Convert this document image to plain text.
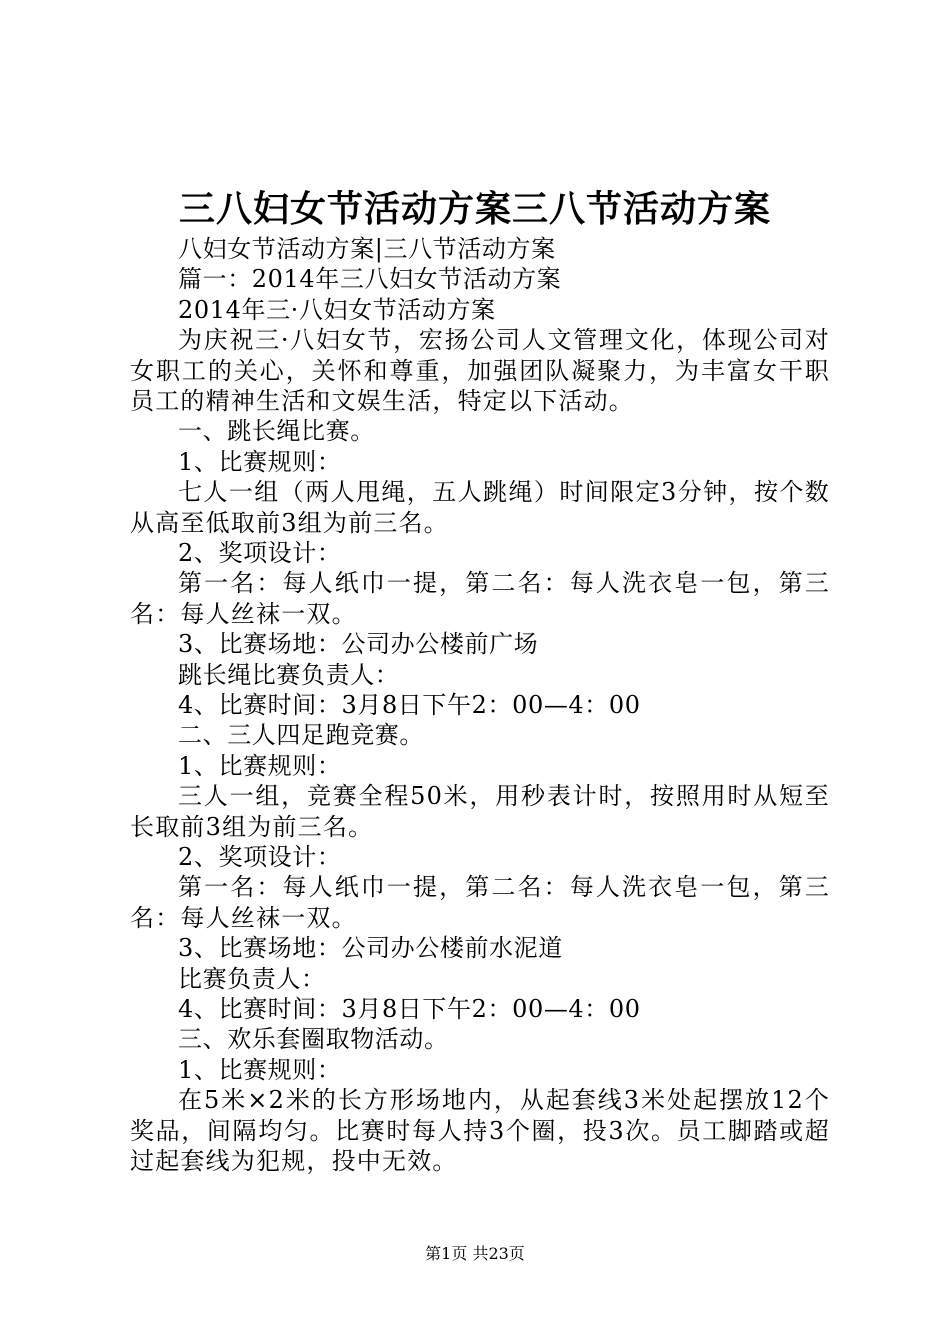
三八妇女节活动方案三八节活动方案
八妇女节活动方案|三八节活动方案
篇一：2014年三八妇女节活动方案
2014年三·八妇女节活动方案
为庆祝三·八妇女节，宏扬公司人文管理文化，体现公司对女职工的关心，关怀和尊重，加强团队凝聚力，为丰富女干职员工的精神生活和文娱生活，特定以下活动。
一、跳长绳比赛。
1、比赛规则：
七人一组（两人甩绳，五人跳绳）时间限定3分钟，按个数从高至低取前3组为前三名。
2、奖项设计：
第一名：每人纸巾一提，第二名：每人洗衣皂一包，第三名：每人丝袜一双。
3、比赛场地：公司办公楼前广场
跳长绳比赛负责人：
4、比赛时间：3月8日下午2：00—4：00
二、三人四足跑竞赛。
1、比赛规则：
三人一组，竞赛全程50米，用秒表计时，按照用时从短至长取前3组为前三名。
2、奖项设计：
第一名：每人纸巾一提，第二名：每人洗衣皂一包，第三名：每人丝袜一双。
3、比赛场地：公司办公楼前水泥道
比赛负责人：
4、比赛时间：3月8日下午2：00—4：00
三、欢乐套圈取物活动。
1、比赛规则：
在5米×2米的长方形场地内，从起套线3米处起摆放12个奖品，间隔均匀。比赛时每人持3个圈，投3次。员工脚踏或超过起套线为犯规，投中无效。
第1页 共23页
